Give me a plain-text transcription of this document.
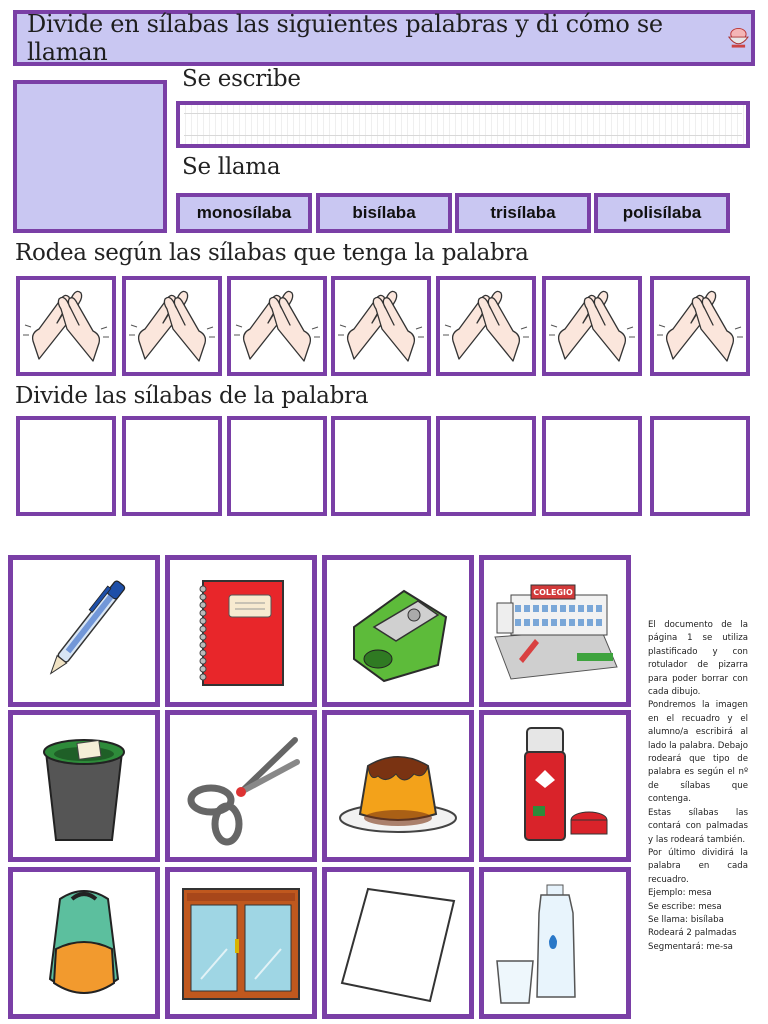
Divide en sílabas las siguientes palabras y di cómo se llaman
Se escribe
Se llama
monosílaba	bisílaba	trisílaba	polisílaba
Rodea según las sílabas que tenga la palabra
Divide las sílabas de la palabra
COLEGIO
El documento de la página 1 se utiliza plastificado y con rotulador de pizarra para poder borrar con cada dibujo.
Pondremos la imagen en el recuadro y el alumno/a escribirá al lado la palabra. Debajo rodeará que tipo de palabra es según el nº de sílabas que contenga.
Estas sílabas las contará con palmadas y las rodeará también.
Por último dividirá la palabra en cada recuadro.
Ejemplo: mesa
Se escribe: mesa
Se llama: bisílaba
Rodeará 2 palmadas
Segmentará: me-sa
